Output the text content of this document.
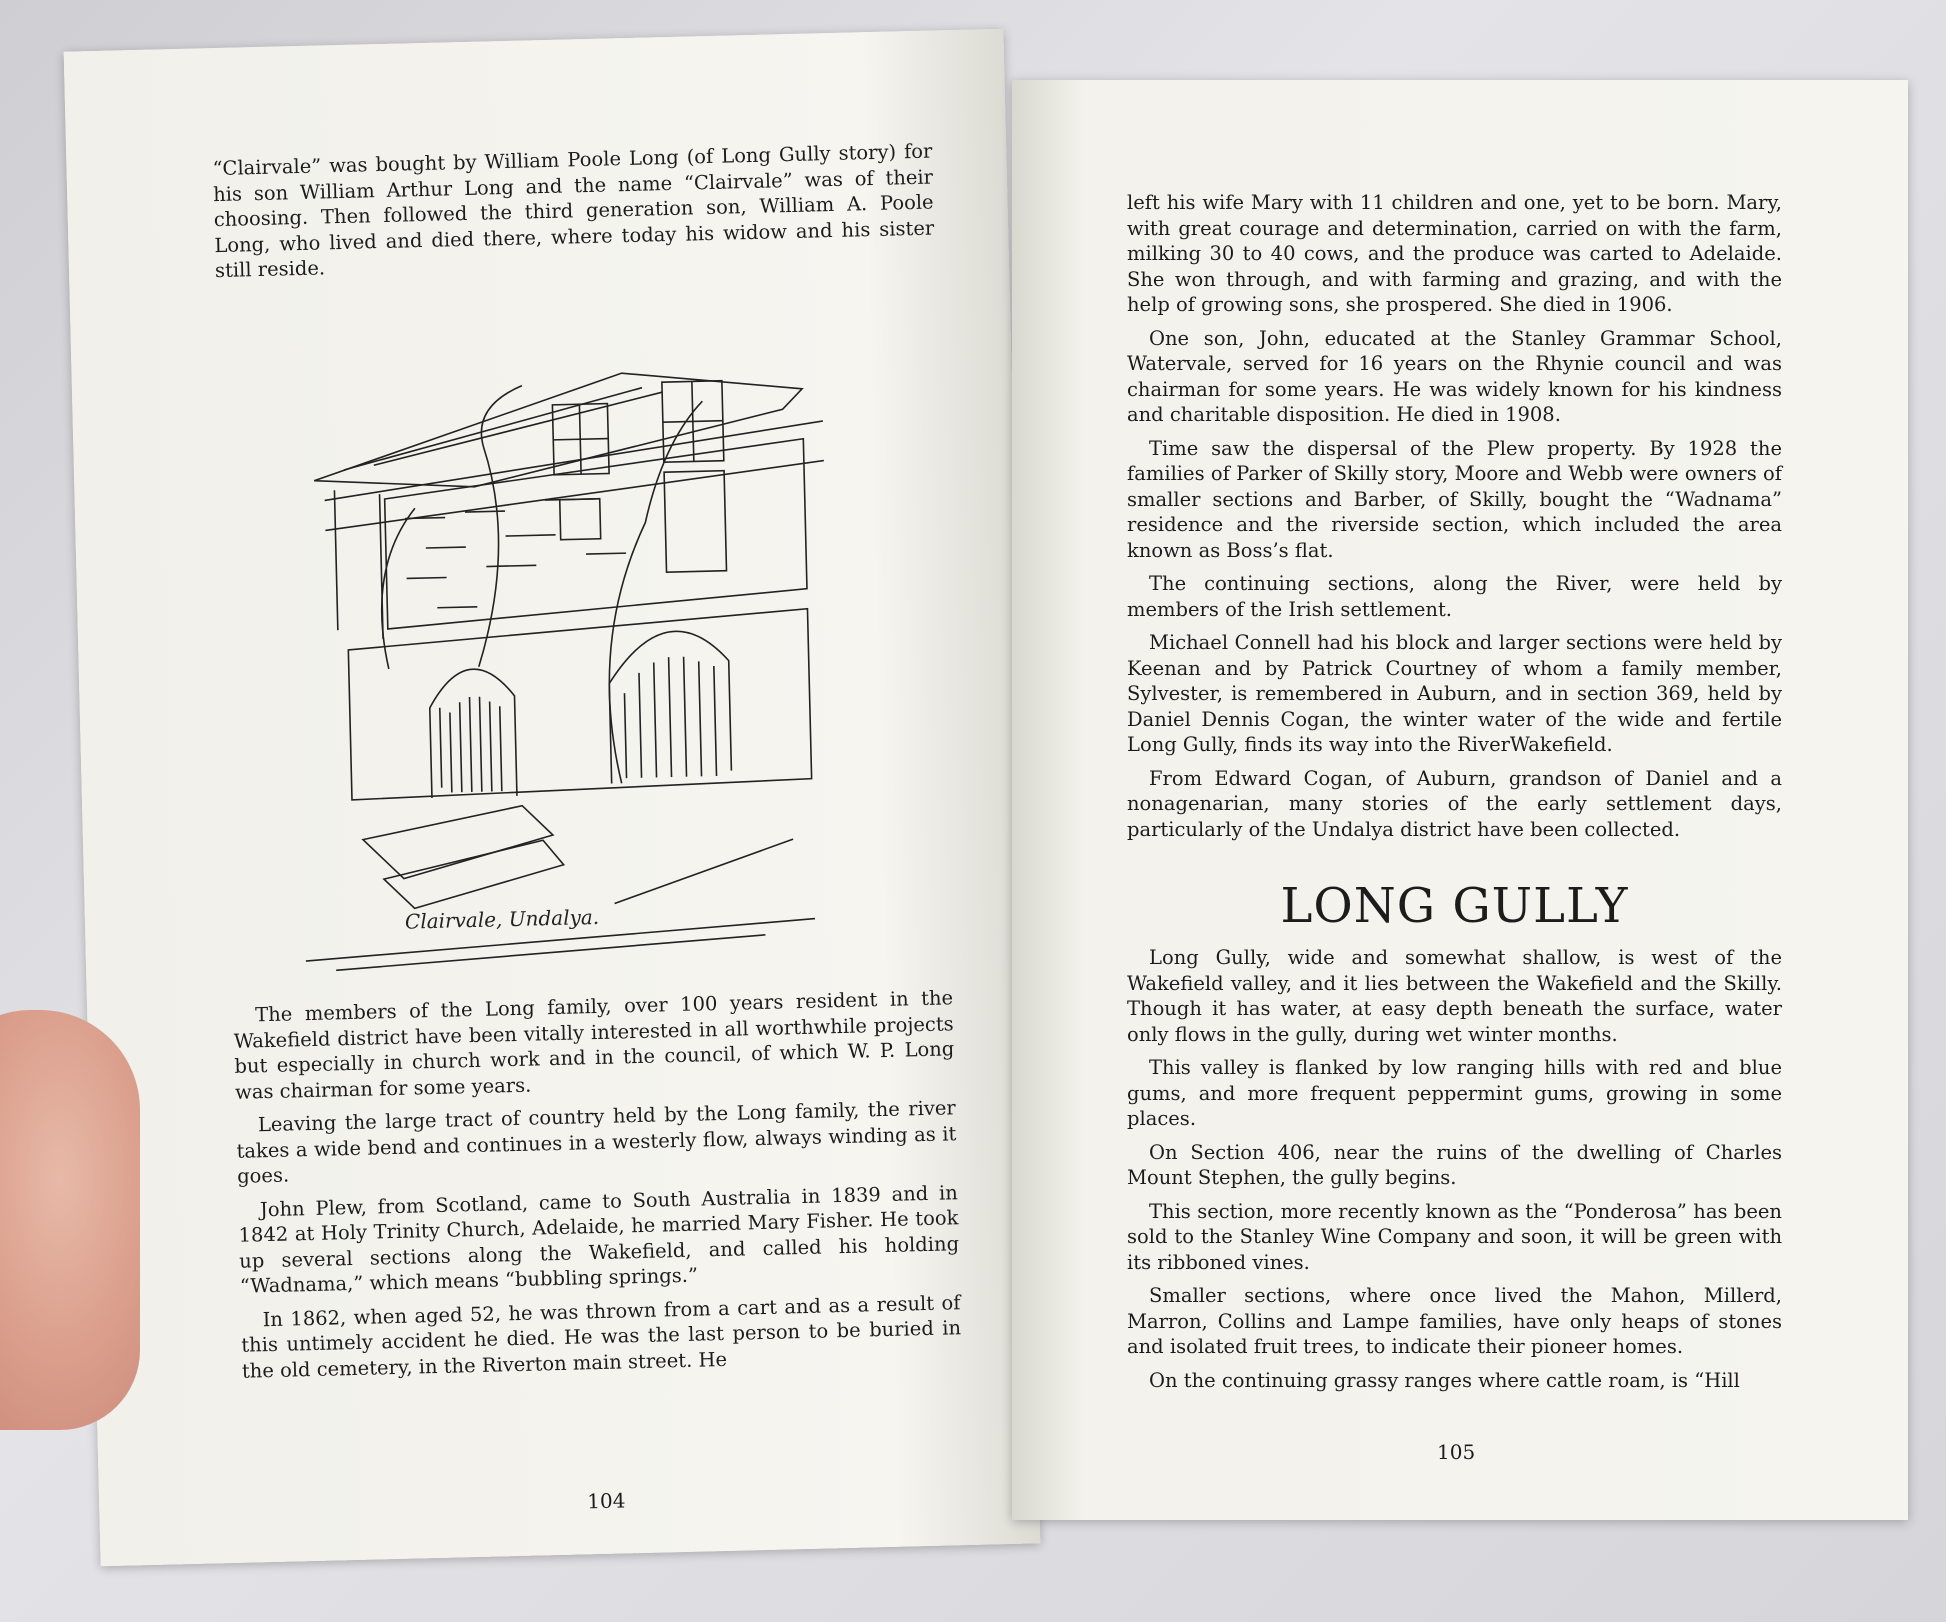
“Clairvale” was bought by William Poole Long (of Long Gully story) for his son William Arthur Long and the name “Clairvale” was of their choosing. Then followed the third generation son, William A. Poole Long, who lived and died there, where today his widow and his sister still reside.

Clairvale, Undalya.

The members of the Long family, over 100 years resident in the Wakefield district have been vitally interested in all worthwhile projects but especially in church work and in the council, of which W. P. Long was chairman for some years.

Leaving the large tract of country held by the Long family, the river takes a wide bend and continues in a westerly flow, always winding as it goes.

John Plew, from Scotland, came to South Australia in 1839 and in 1842 at Holy Trinity Church, Adelaide, he married Mary Fisher. He took up several sections along the Wakefield, and called his holding “Wadnama,” which means “bubbling springs.”

In 1862, when aged 52, he was thrown from a cart and as a result of this untimely accident he died. He was the last person to be buried in the old cemetery, in the Riverton main street. He

104

left his wife Mary with 11 children and one, yet to be born. Mary, with great courage and determination, carried on with the farm, milking 30 to 40 cows, and the produce was carted to Adelaide. She won through, and with farming and grazing, and with the help of growing sons, she prospered. She died in 1906.

One son, John, educated at the Stanley Grammar School, Watervale, served for 16 years on the Rhynie council and was chairman for some years. He was widely known for his kindness and charitable disposition. He died in 1908.

Time saw the dispersal of the Plew property. By 1928 the families of Parker of Skilly story, Moore and Webb were owners of smaller sections and Barber, of Skilly, bought the “Wadnama” residence and the riverside section, which included the area known as Boss’s flat.

The continuing sections, along the River, were held by members of the Irish settlement.

Michael Connell had his block and larger sections were held by Keenan and by Patrick Courtney of whom a family member, Sylvester, is remembered in Auburn, and in section 369, held by Daniel Dennis Cogan, the winter water of the wide and fertile Long Gully, finds its way into the RiverWakefield.

From Edward Cogan, of Auburn, grandson of Daniel and a nonagenarian, many stories of the early settlement days, particularly of the Undalya district have been collected.

LONG GULLY

Long Gully, wide and somewhat shallow, is west of the Wakefield valley, and it lies between the Wakefield and the Skilly. Though it has water, at easy depth beneath the surface, water only flows in the gully, during wet winter months.

This valley is flanked by low ranging hills with red and blue gums, and more frequent peppermint gums, growing in some places.

On Section 406, near the ruins of the dwelling of Charles Mount Stephen, the gully begins.

This section, more recently known as the “Ponderosa” has been sold to the Stanley Wine Company and soon, it will be green with its ribboned vines.

Smaller sections, where once lived the Mahon, Millerd, Marron, Collins and Lampe families, have only heaps of stones and isolated fruit trees, to indicate their pioneer homes.

On the continuing grassy ranges where cattle roam, is “Hill

105
